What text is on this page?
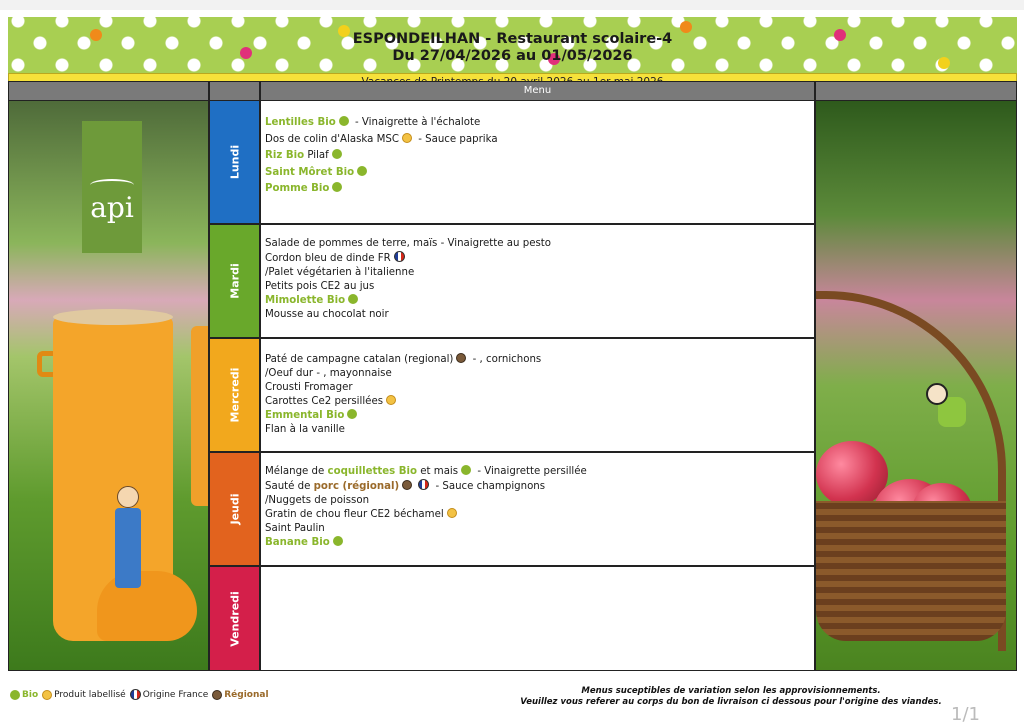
ESPONDEILHAN - Restaurant scolaire-4
Du 27/04/2026 au 01/05/2026
Menu
api
Lundi
Lentilles Bio - Vinaigrette à l'échalote
Dos de colin d'Alaska MSC - Sauce paprika
Riz Bio Pilaf
Saint Môret Bio
Pomme Bio
Mardi
Salade de pommes de terre, maïs - Vinaigrette au pesto
Cordon bleu de dinde FR
/Palet végétarien à l'italienne
Petits pois CE2 au jus
Mimolette Bio
Mousse au chocolat noir
Mercredi
Paté de campagne catalan (regional) - , cornichons
/Oeuf dur - , mayonnaise
Crousti Fromager
Carottes Ce2 persillées
Emmental Bio
Flan à la vanille
Jeudi
Mélange de coquillettes Bio et mais - Vinaigrette persillée
Sauté de porc (régional)	- Sauce champignons
/Nuggets de poisson
Gratin de chou fleur CE2 béchamel
Saint Paulin
Banane Bio
Vendredi
Bio Produit labellisé Origine France Régional	Menus suceptibles de variation selon les approvisionnements.
Veuillez vous referer au corps du bon de livraison ci dessous pour l'origine des viandes.
1/1
